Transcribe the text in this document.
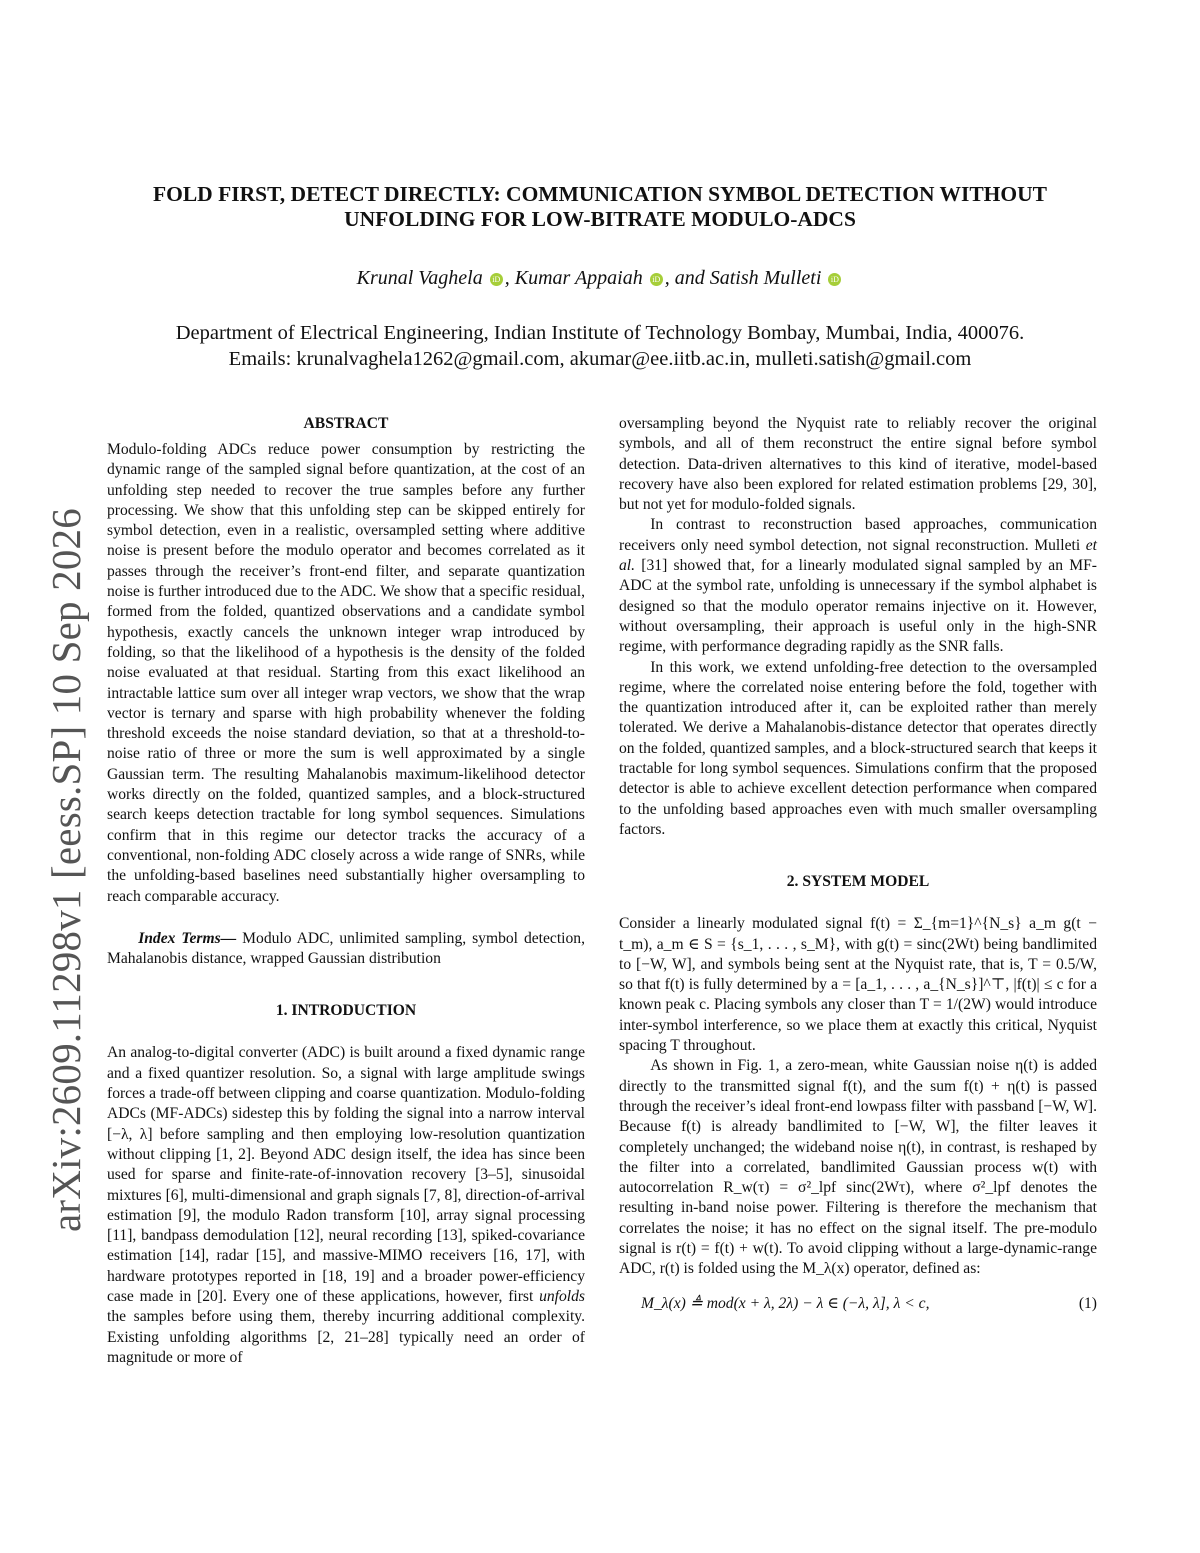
arXiv:2609.11298v1 [eess.SP] 10 Sep 2026
FOLD FIRST, DETECT DIRECTLY: COMMUNICATION SYMBOL DETECTION WITHOUT
UNFOLDING FOR LOW-BITRATE MODULO-ADCS
Krunal Vaghela iD , Kumar Appaiah iD , and Satish Mulleti iD
Department of Electrical Engineering, Indian Institute of Technology Bombay, Mumbai, India, 400076.
Emails: krunalvaghela1262@gmail.com, akumar@ee.iitb.ac.in, mulleti.satish@gmail.com
ABSTRACT

Modulo-folding ADCs reduce power consumption by restricting the dynamic range of the sampled signal before quantization, at the cost of an unfolding step needed to recover the true samples before any further processing. We show that this unfolding step can be skipped entirely for symbol detection, even in a realistic, oversampled setting where additive noise is present before the modulo operator and becomes correlated as it passes through the receiver’s front-end filter, and separate quantization noise is further introduced due to the ADC. We show that a specific residual, formed from the folded, quantized observations and a candidate symbol hypothesis, exactly cancels the unknown integer wrap introduced by folding, so that the likelihood of a hypothesis is the density of the folded noise evaluated at that residual. Starting from this exact likelihood an intractable lattice sum over all integer wrap vectors, we show that the wrap vector is ternary and sparse with high probability whenever the folding threshold exceeds the noise standard deviation, so that at a threshold-to-noise ratio of three or more the sum is well approximated by a single Gaussian term. The resulting Mahalanobis maximum-likelihood detector works directly on the folded, quantized samples, and a block-structured search keeps detection tractable for long symbol sequences. Simulations confirm that in this regime our detector tracks the accuracy of a conventional, non-folding ADC closely across a wide range of SNRs, while the unfolding-based baselines need substantially higher oversampling to reach comparable accuracy.

Index Terms— Modulo ADC, unlimited sampling, symbol detection, Mahalanobis distance, wrapped Gaussian distribution

1. INTRODUCTION

An analog-to-digital converter (ADC) is built around a fixed dynamic range and a fixed quantizer resolution. So, a signal with large amplitude swings forces a trade-off between clipping and coarse quantization. Modulo-folding ADCs (MF-ADCs) sidestep this by folding the signal into a narrow interval [−λ, λ] before sampling and then employing low-resolution quantization without clipping [1, 2]. Beyond ADC design itself, the idea has since been used for sparse and finite-rate-of-innovation recovery [3–5], sinusoidal mixtures [6], multi-dimensional and graph signals [7, 8], direction-of-arrival estimation [9], the modulo Radon transform [10], array signal processing [11], bandpass demodulation [12], neural recording [13], spiked-covariance estimation [14], radar [15], and massive-MIMO receivers [16, 17], with hardware prototypes reported in [18, 19] and a broader power-efficiency case made in [20]. Every one of these applications, however, first unfolds the samples before using them, thereby incurring additional complexity. Existing unfolding algorithms [2, 21–28] typically need an order of magnitude or more of

oversampling beyond the Nyquist rate to reliably recover the original symbols, and all of them reconstruct the entire signal before symbol detection. Data-driven alternatives to this kind of iterative, model-based recovery have also been explored for related estimation problems [29, 30], but not yet for modulo-folded signals.

In contrast to reconstruction based approaches, communication receivers only need symbol detection, not signal reconstruction. Mulleti et al. [31] showed that, for a linearly modulated signal sampled by an MF-ADC at the symbol rate, unfolding is unnecessary if the symbol alphabet is designed so that the modulo operator remains injective on it. However, without oversampling, their approach is useful only in the high-SNR regime, with performance degrading rapidly as the SNR falls.

In this work, we extend unfolding-free detection to the oversampled regime, where the correlated noise entering before the fold, together with the quantization introduced after it, can be exploited rather than merely tolerated. We derive a Mahalanobis-distance detector that operates directly on the folded, quantized samples, and a block-structured search that keeps it tractable for long symbol sequences. Simulations confirm that the proposed detector is able to achieve excellent detection performance when compared to the unfolding based approaches even with much smaller oversampling factors.

2. SYSTEM MODEL

Consider a linearly modulated signal f(t) = Σ_{m=1}^{N_s} a_m g(t − t_m), a_m ∈ S = {s_1, . . . , s_M}, with g(t) = sinc(2Wt) being bandlimited to [−W, W], and symbols being sent at the Nyquist rate, that is, T = 0.5/W, so that f(t) is fully determined by a = [a_1, . . . , a_{N_s}]^⊤, |f(t)| ≤ c for a known peak c. Placing symbols any closer than T = 1/(2W) would introduce inter-symbol interference, so we place them at exactly this critical, Nyquist spacing T throughout.

As shown in Fig. 1, a zero-mean, white Gaussian noise η(t) is added directly to the transmitted signal f(t), and the sum f(t) + η(t) is passed through the receiver’s ideal front-end lowpass filter with passband [−W, W]. Because f(t) is already bandlimited to [−W, W], the filter leaves it completely unchanged; the wideband noise η(t), in contrast, is reshaped by the filter into a correlated, bandlimited Gaussian process w(t) with autocorrelation R_w(τ) = σ²_lpf sinc(2Wτ), where σ²_lpf denotes the resulting in-band noise power. Filtering is therefore the mechanism that correlates the noise; it has no effect on the signal itself. The pre-modulo signal is r(t) = f(t) + w(t). To avoid clipping without a large-dynamic-range ADC, r(t) is folded using the M_λ(x) operator, defined as:

M_λ(x) ≜ mod(x + λ, 2λ) − λ ∈ (−λ, λ], λ < c,	(1)
